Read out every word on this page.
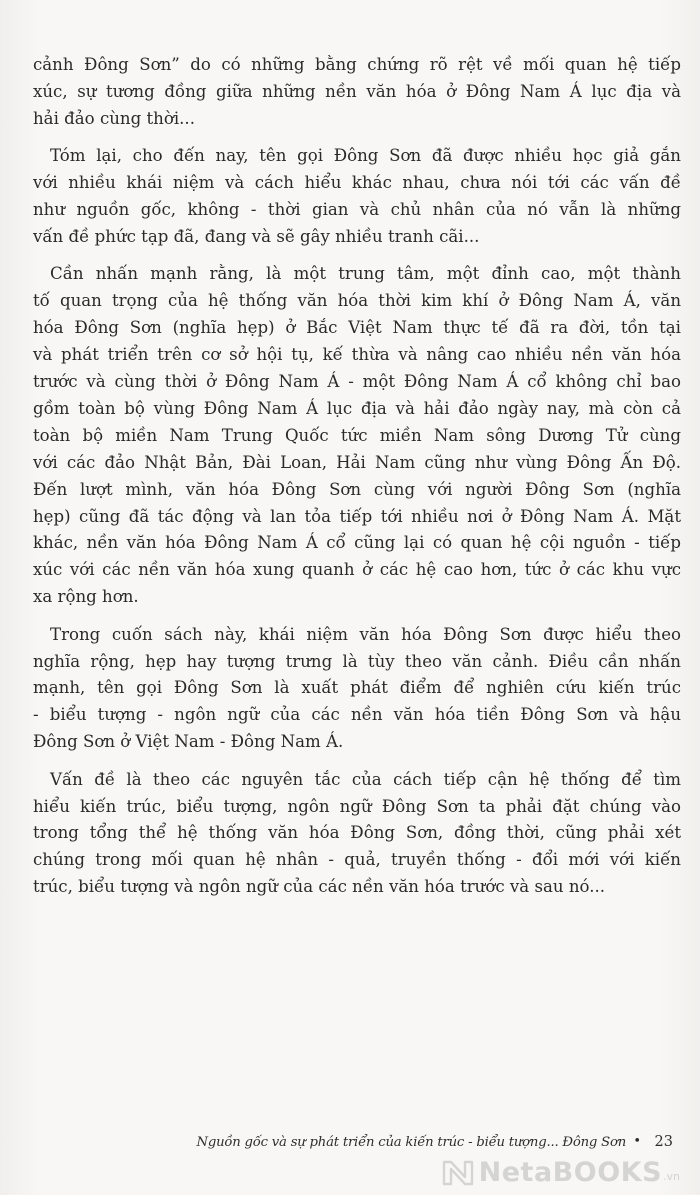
cảnh Đông Sơn” do có những bằng chứng rõ rệt về mối quan hệ tiếp
xúc, sự tương đồng giữa những nền văn hóa ở Đông Nam Á lục địa và
hải đảo cùng thời...

Tóm lại, cho đến nay, tên gọi Đông Sơn đã được nhiều học giả gắn
với nhiều khái niệm và cách hiểu khác nhau, chưa nói tới các vấn đề
như nguồn gốc, không - thời gian và chủ nhân của nó vẫn là những
vấn đề phức tạp đã, đang và sẽ gây nhiều tranh cãi...

Cần nhấn mạnh rằng, là một trung tâm, một đỉnh cao, một thành
tố quan trọng của hệ thống văn hóa thời kim khí ở Đông Nam Á, văn
hóa Đông Sơn (nghĩa hẹp) ở Bắc Việt Nam thực tế đã ra đời, tồn tại
và phát triển trên cơ sở hội tụ, kế thừa và nâng cao nhiều nền văn hóa
trước và cùng thời ở Đông Nam Á - một Đông Nam Á cổ không chỉ bao
gồm toàn bộ vùng Đông Nam Á lục địa và hải đảo ngày nay, mà còn cả
toàn bộ miền Nam Trung Quốc tức miền Nam sông Dương Tử cùng
với các đảo Nhật Bản, Đài Loan, Hải Nam cũng như vùng Đông Ấn Độ.
Đến lượt mình, văn hóa Đông Sơn cùng với người Đông Sơn (nghĩa
hẹp) cũng đã tác động và lan tỏa tiếp tới nhiều nơi ở Đông Nam Á. Mặt
khác, nền văn hóa Đông Nam Á cổ cũng lại có quan hệ cội nguồn - tiếp
xúc với các nền văn hóa xung quanh ở các hệ cao hơn, tức ở các khu vực
xa rộng hơn.

Trong cuốn sách này, khái niệm văn hóa Đông Sơn được hiểu theo
nghĩa rộng, hẹp hay tượng trưng là tùy theo văn cảnh. Điều cần nhấn
mạnh, tên gọi Đông Sơn là xuất phát điểm để nghiên cứu kiến trúc
- biểu tượng - ngôn ngữ của các nền văn hóa tiền Đông Sơn và hậu
Đông Sơn ở Việt Nam - Đông Nam Á.

Vấn đề là theo các nguyên tắc của cách tiếp cận hệ thống để tìm
hiểu kiến trúc, biểu tượng, ngôn ngữ Đông Sơn ta phải đặt chúng vào
trong tổng thể hệ thống văn hóa Đông Sơn, đồng thời, cũng phải xét
chúng trong mối quan hệ nhân - quả, truyền thống - đổi mới với kiến
trúc, biểu tượng và ngôn ngữ của các nền văn hóa trước và sau nó...

Nguồn gốc và sự phát triển của kiến trúc - biểu tượng... Đông Sơn • 23
NetaBOOKS .vn
